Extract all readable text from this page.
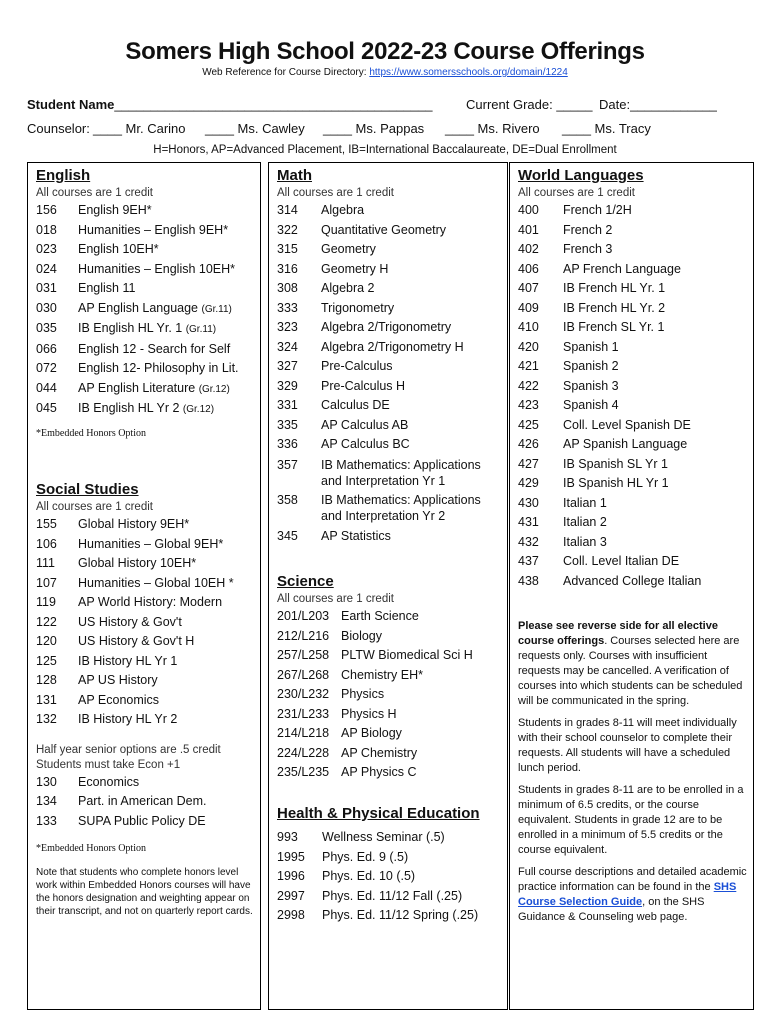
Somers High School 2022-23 Course Offerings
Web Reference for Course Directory: https://www.somersschools.org/domain/1224
Student Name____________________________________________	Current Grade: _____ Date:____________
Counselor: ____ Mr. Carino ____ Ms. Cawley ____ Ms. Pappas ____ Ms. Rivero ____ Ms. Tracy
H=Honors, AP=Advanced Placement, IB=International Baccalaureate, DE=Dual Enrollment
English
All courses are 1 credit
156	English 9EH*
018	Humanities – English 9EH*
023	English 10EH*
024	Humanities – English 10EH*
031	English 11
030	AP English Language (Gr.11)
035	IB English HL Yr. 1 (Gr.11)
066	English 12 - Search for Self
072	English 12- Philosophy in Lit.
044	AP English Literature (Gr.12)
045	IB English HL Yr 2 (Gr.12)
*Embedded Honors Option
Social Studies
All courses are 1 credit
155	Global History 9EH*
106	Humanities – Global 9EH*
111	Global History 10EH*
107	Humanities – Global 10EH *
119	AP World History: Modern
122	US History & Gov't
120	US History & Gov't H
125	IB History HL Yr 1
128	AP US History
131	AP Economics
132	IB History HL Yr 2
Half year senior options are .5 credit
Students must take Econ +1
130	Economics
134	Part. in American Dem.
133	SUPA Public Policy DE
*Embedded Honors Option
Note that students who complete honors level work within Embedded Honors courses will have the honors designation and weighting appear on their transcript, and not on quarterly report cards.
Math
All courses are 1 credit
314	Algebra
322	Quantitative Geometry
315	Geometry
316	Geometry H
308	Algebra 2
333	Trigonometry
323	Algebra 2/Trigonometry
324	Algebra 2/Trigonometry H
327	Pre-Calculus
329	Pre-Calculus H
331	Calculus DE
335	AP Calculus AB
336	AP Calculus BC
357	IB Mathematics: Applications and Interpretation Yr 1
358	IB Mathematics: Applications and Interpretation Yr 2
345	AP Statistics
Science
All courses are 1 credit
201/L203 Earth Science
212/L216 Biology
257/L258 PLTW Biomedical Sci H
267/L268 Chemistry EH*
230/L232 Physics
231/L233 Physics H
214/L218 AP Biology
224/L228 AP Chemistry
235/L235 AP Physics C
Health & Physical Education
993	Wellness Seminar (.5)
1995	Phys. Ed. 9 (.5)
1996	Phys. Ed. 10 (.5)
2997	Phys. Ed. 11/12 Fall (.25)
2998	Phys. Ed. 11/12 Spring (.25)
World Languages
All courses are 1 credit
400	French 1/2H
401	French 2
402	French 3
406	AP French Language
407	IB French HL Yr. 1
409	IB French HL Yr. 2
410	IB French SL Yr. 1
420	Spanish 1
421	Spanish 2
422	Spanish 3
423	Spanish 4
425	Coll. Level Spanish DE
426	AP Spanish Language
427	IB Spanish SL Yr 1
429	IB Spanish HL Yr 1
430	Italian 1
431	Italian 2
432	Italian 3
437	Coll. Level Italian DE
438	Advanced College Italian

Please see reverse side for all elective course offerings. Courses selected here are requests only. Courses with insufficient requests may be cancelled. A verification of courses into which students can be scheduled will be communicated in the spring.

Students in grades 8-11 will meet individually with their school counselor to complete their requests. All students will have a scheduled lunch period.

Students in grades 8-11 are to be enrolled in a minimum of 6.5 credits, or the course equivalent. Students in grade 12 are to be enrolled in a minimum of 5.5 credits or the course equivalent.

Full course descriptions and detailed academic practice information can be found in the SHS Course Selection Guide, on the SHS Guidance & Counseling web page.
